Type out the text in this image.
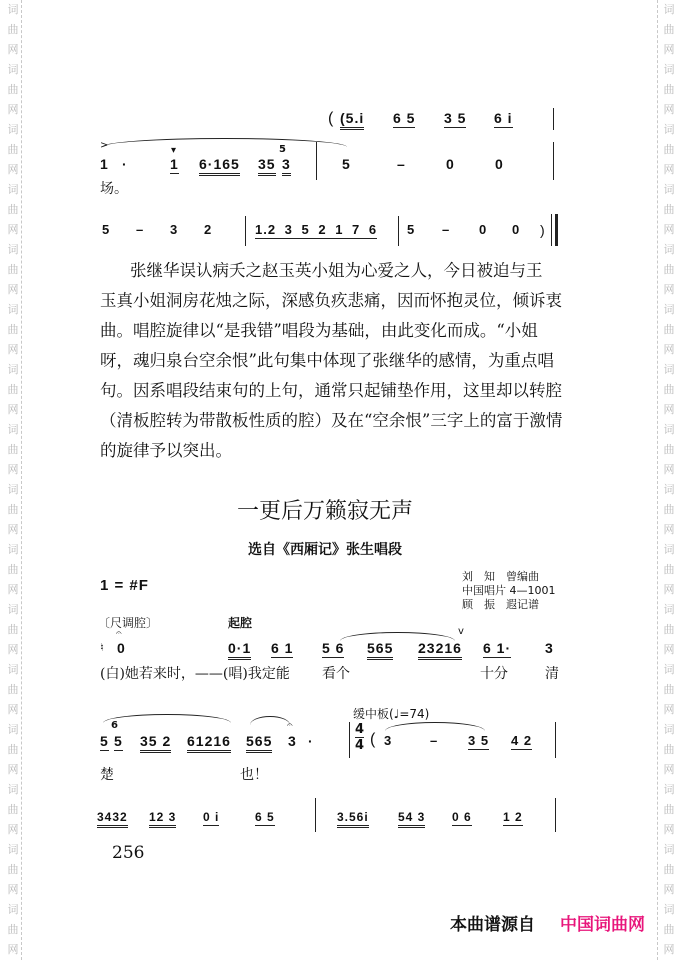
词
曲
网
词
曲
网
词
曲
网
词
曲
网
词
曲
网
词
曲
网
词
曲
网
词
曲
网
词
曲
网
词
曲
网
词
曲
网
词
曲
网
词
曲
网
词
曲
网
词
曲
网
词
曲
网
词
曲
网
词
曲
网
词
曲
网
词
曲
网
词
曲
网
词
曲
网
词
曲
网
词
曲
网
词
曲
网
词
曲
网
词
曲
网
词
曲
网
词
曲
网
词
曲
网
词
曲
网
词
曲
网
( (5.i 6 5 3 5 6 i
>	▾
1 ·	1 6·165 35
5
3	5	–	0	0
场。
5 – 3 2	1.2 3 5 2 1 7 6 5 – 0 0 )
张继华误认病夭之赵玉英小姐为心爱之人，今日被迫与王
玉真小姐洞房花烛之际，深感负疚悲痛，因而怀抱灵位，倾诉衷
曲。唱腔旋律以“是我错”唱段为基础，由此变化而成。“小姐
呀，魂归泉台空余恨”此句集中体现了张继华的感情，为重点唱
句。因系唱段结束句的上句，通常只起铺垫作用，这里却以转腔
（清板腔转为带散板性质的腔）及在“空余恨”三字上的富于激情
的旋律予以突出。
一更后万籁寂无声
选自《西厢记》张生唱段
1 = #F
刘　知　曾编曲
中国唱片 4—1001
顾　振　遐记谱
〔尺调腔〕	起腔
𝄐
♮ 0	0·1 6 1
v
5 6 565 23216 6 1· 3
(白)她若来时，——(唱)我定能 看个	十分	清
缓中板(♩=74)
5
6
5 35 2 61216 565
𝄐
3 ·
4
4 ( 3	– 3 5 4 2
楚	也！
3432 12 3 0 i	6 5	3.56i 54 3 0 6	1 2
256
本曲谱源自 中国词曲网
